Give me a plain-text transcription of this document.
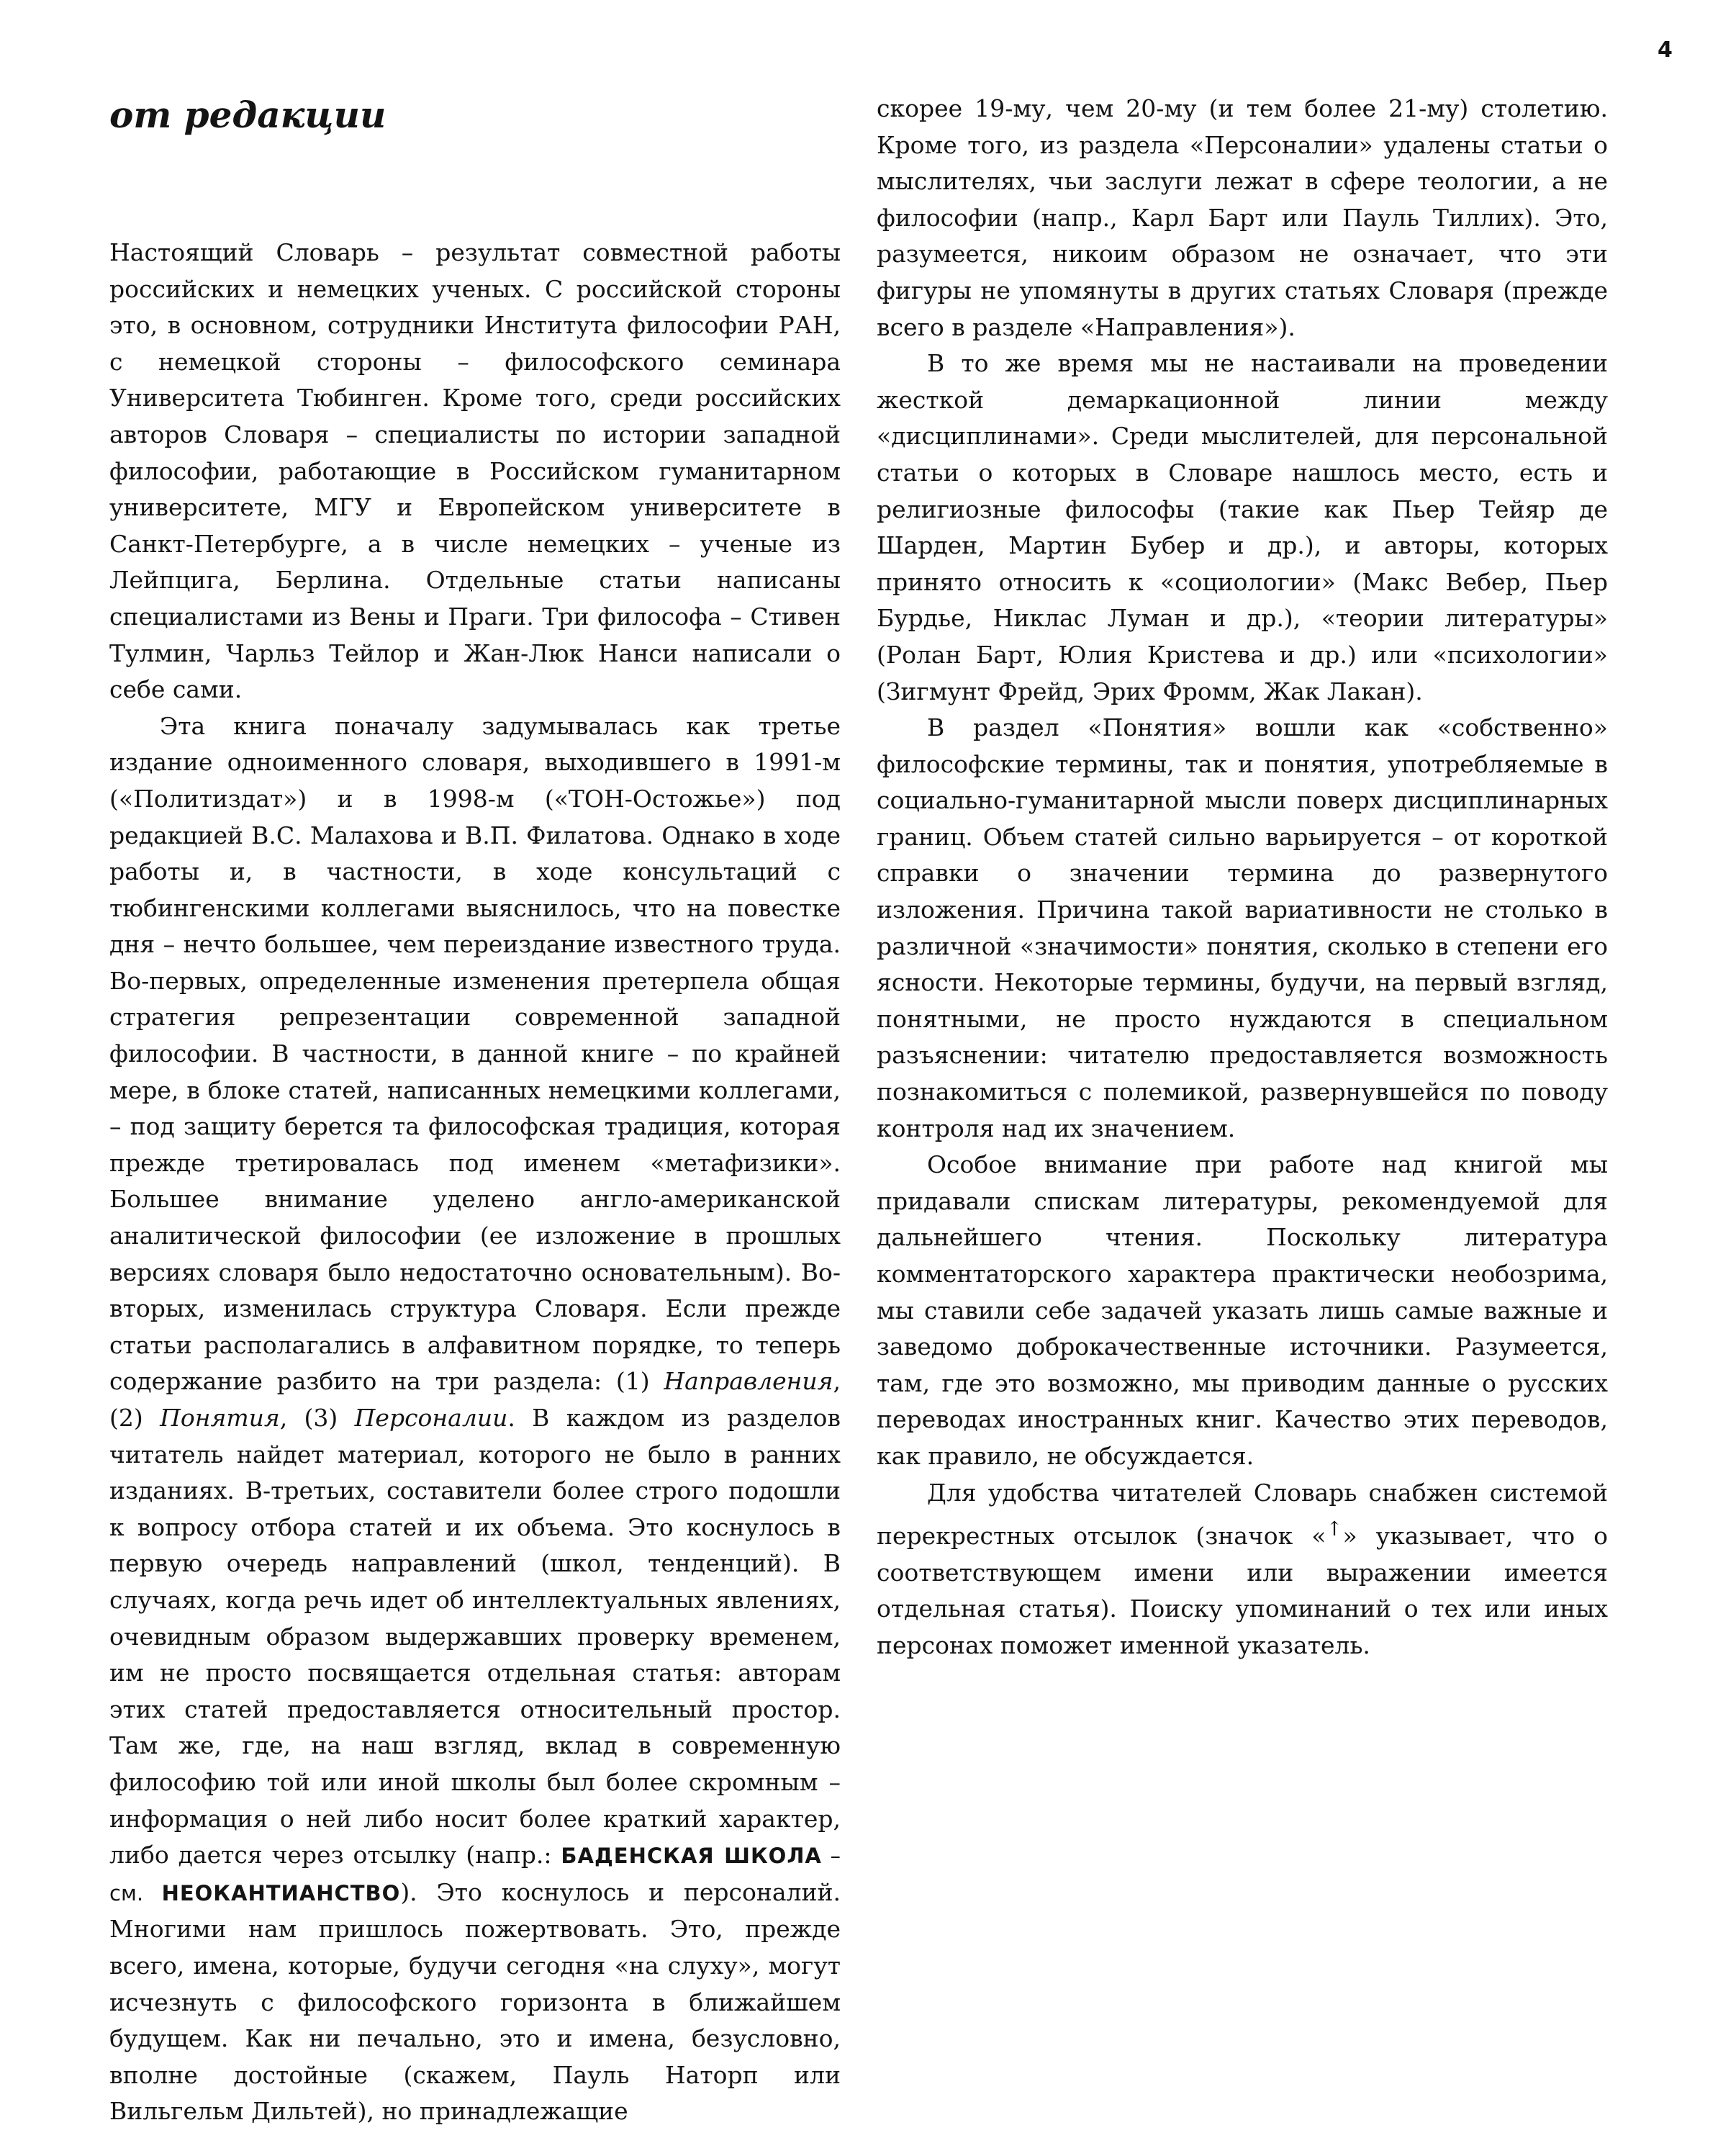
4
от редакции

Настоящий Словарь – результат совместной работы российских и немецких ученых. С российской стороны это, в основном, сотрудники Института философии РАН, с немецкой стороны – философского семинара Университета Тюбинген. Кроме того, среди российских авторов Словаря – специалисты по истории западной философии, работающие в Российском гуманитарном университете, МГУ и Европейском университете в Санкт-Петербурге, а в числе немецких – ученые из Лейпцига, Берлина. Отдельные статьи написаны специалистами из Вены и Праги. Три философа – Стивен Тулмин, Чарльз Тейлор и Жан-Люк Нанси написали о себе сами.

Эта книга поначалу задумывалась как третье издание одноименного словаря, выходившего в 1991-м («Политиздат») и в 1998-м («ТОН-Остожье») под редакцией В.С. Малахова и В.П. Филатова. Однако в ходе работы и, в частности, в ходе консультаций с тюбингенскими коллегами выяснилось, что на повестке дня – нечто большее, чем переиздание известного труда. Во-первых, определенные изменения претерпела общая стратегия репрезентации современной западной философии. В частности, в данной книге – по крайней мере, в блоке статей, написанных немецкими коллегами, – под защиту берется та философская традиция, которая прежде третировалась под именем «метафизики». Большее внимание уделено англо-американской аналитической философии (ее изложение в прошлых версиях словаря было недостаточно основательным). Во-вторых, изменилась структура Словаря. Если прежде статьи располагались в алфавитном порядке, то теперь содержание разбито на три раздела: (1) Направления, (2) Понятия, (3) Персоналии. В каждом из разделов читатель найдет материал, которого не было в ранних изданиях. В-третьих, составители более строго подошли к вопросу отбора статей и их объема. Это коснулось в первую очередь направлений (школ, тенденций). В случаях, когда речь идет об интеллектуальных явлениях, очевидным образом выдержавших проверку временем, им не просто посвящается отдельная статья: авторам этих статей предоставляется относительный простор. Там же, где, на наш взгляд, вклад в современную философию той или иной школы был более скромным – информация о ней либо носит более краткий характер, либо дается через отсылку (напр.: БАДЕНСКАЯ ШКОЛА – см. НЕОКАНТИАНСТВО). Это коснулось и персоналий. Многими нам пришлось пожертвовать. Это, прежде всего, имена, которые, будучи сегодня «на слуху», могут исчезнуть с философского горизонта в ближайшем будущем. Как ни печально, это и имена, безусловно, вполне достойные (скажем, Пауль Наторп или Вильгельм Дильтей), но принадлежащие

скорее 19-му, чем 20-му (и тем более 21-му) столетию. Кроме того, из раздела «Персоналии» удалены статьи о мыслителях, чьи заслуги лежат в сфере теологии, а не философии (напр., Карл Барт или Пауль Тиллих). Это, разумеется, никоим образом не означает, что эти фигуры не упомянуты в других статьях Словаря (прежде всего в разделе «Направления»).

В то же время мы не настаивали на проведении жесткой демаркационной линии между «дисциплинами». Среди мыслителей, для персональной статьи о которых в Словаре нашлось место, есть и религиозные философы (такие как Пьер Тейяр де Шарден, Мартин Бубер и др.), и авторы, которых принято относить к «социологии» (Макс Вебер, Пьер Бурдье, Никлас Луман и др.), «теории литературы» (Ролан Барт, Юлия Кристева и др.) или «психологии» (Зигмунт Фрейд, Эрих Фромм, Жак Лакан).

В раздел «Понятия» вошли как «собственно» философские термины, так и понятия, употребляемые в социально-гуманитарной мысли поверх дисциплинарных границ. Объем статей сильно варьируется – от короткой справки о значении термина до развернутого изложения. Причина такой вариативности не столько в различной «значимости» понятия, сколько в степени его ясности. Некоторые термины, будучи, на первый взгляд, понятными, не просто нуждаются в специальном разъяснении: читателю предоставляется возможность познакомиться с полемикой, развернувшейся по поводу контроля над их значением.

Особое внимание при работе над книгой мы придавали спискам литературы, рекомендуемой для дальнейшего чтения. Поскольку литература комментаторского характера практически необозрима, мы ставили себе задачей указать лишь самые важные и заведомо доброкачественные источники. Разумеется, там, где это возможно, мы приводим данные о русских переводах иностранных книг. Качество этих переводов, как правило, не обсуждается.

Для удобства читателей Словарь снабжен системой перекрестных отсылок (значок «↑» указывает, что о соответствующем имени или выражении имеется отдельная статья). Поиску упоминаний о тех или иных персонах поможет именной указатель.
